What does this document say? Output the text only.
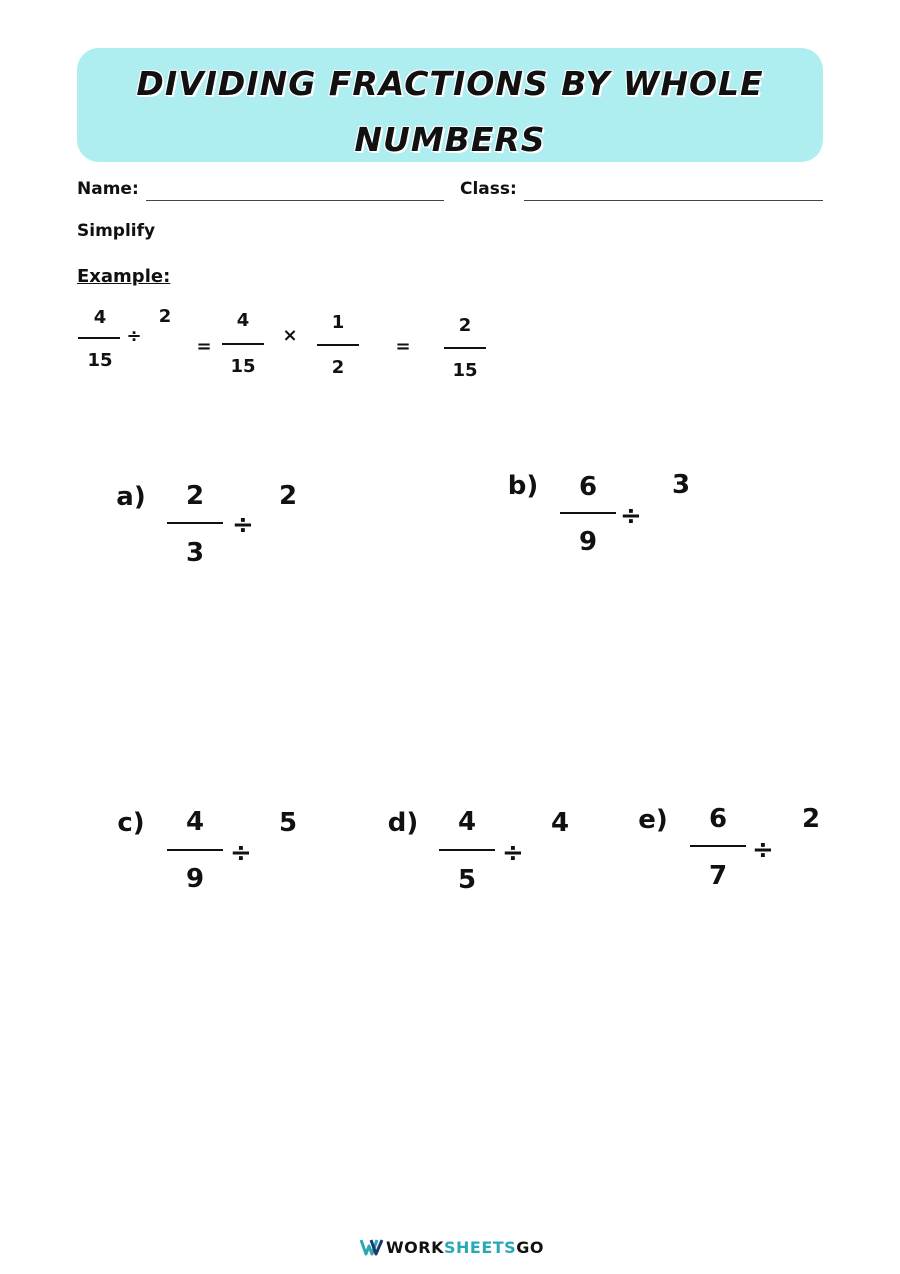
DIVIDING FRACTIONS BY WHOLE
NUMBERS
Name:	Class:
Simplify
Example:
4
15
÷
2
=
4
15
×
1
2
=
2
15
a)	2
3
÷
2	b)	6
9
÷
3
c)	4
9
÷
5	d)	4
5
÷
4	e)	6
7
÷
2
WORKSHEETSGO
